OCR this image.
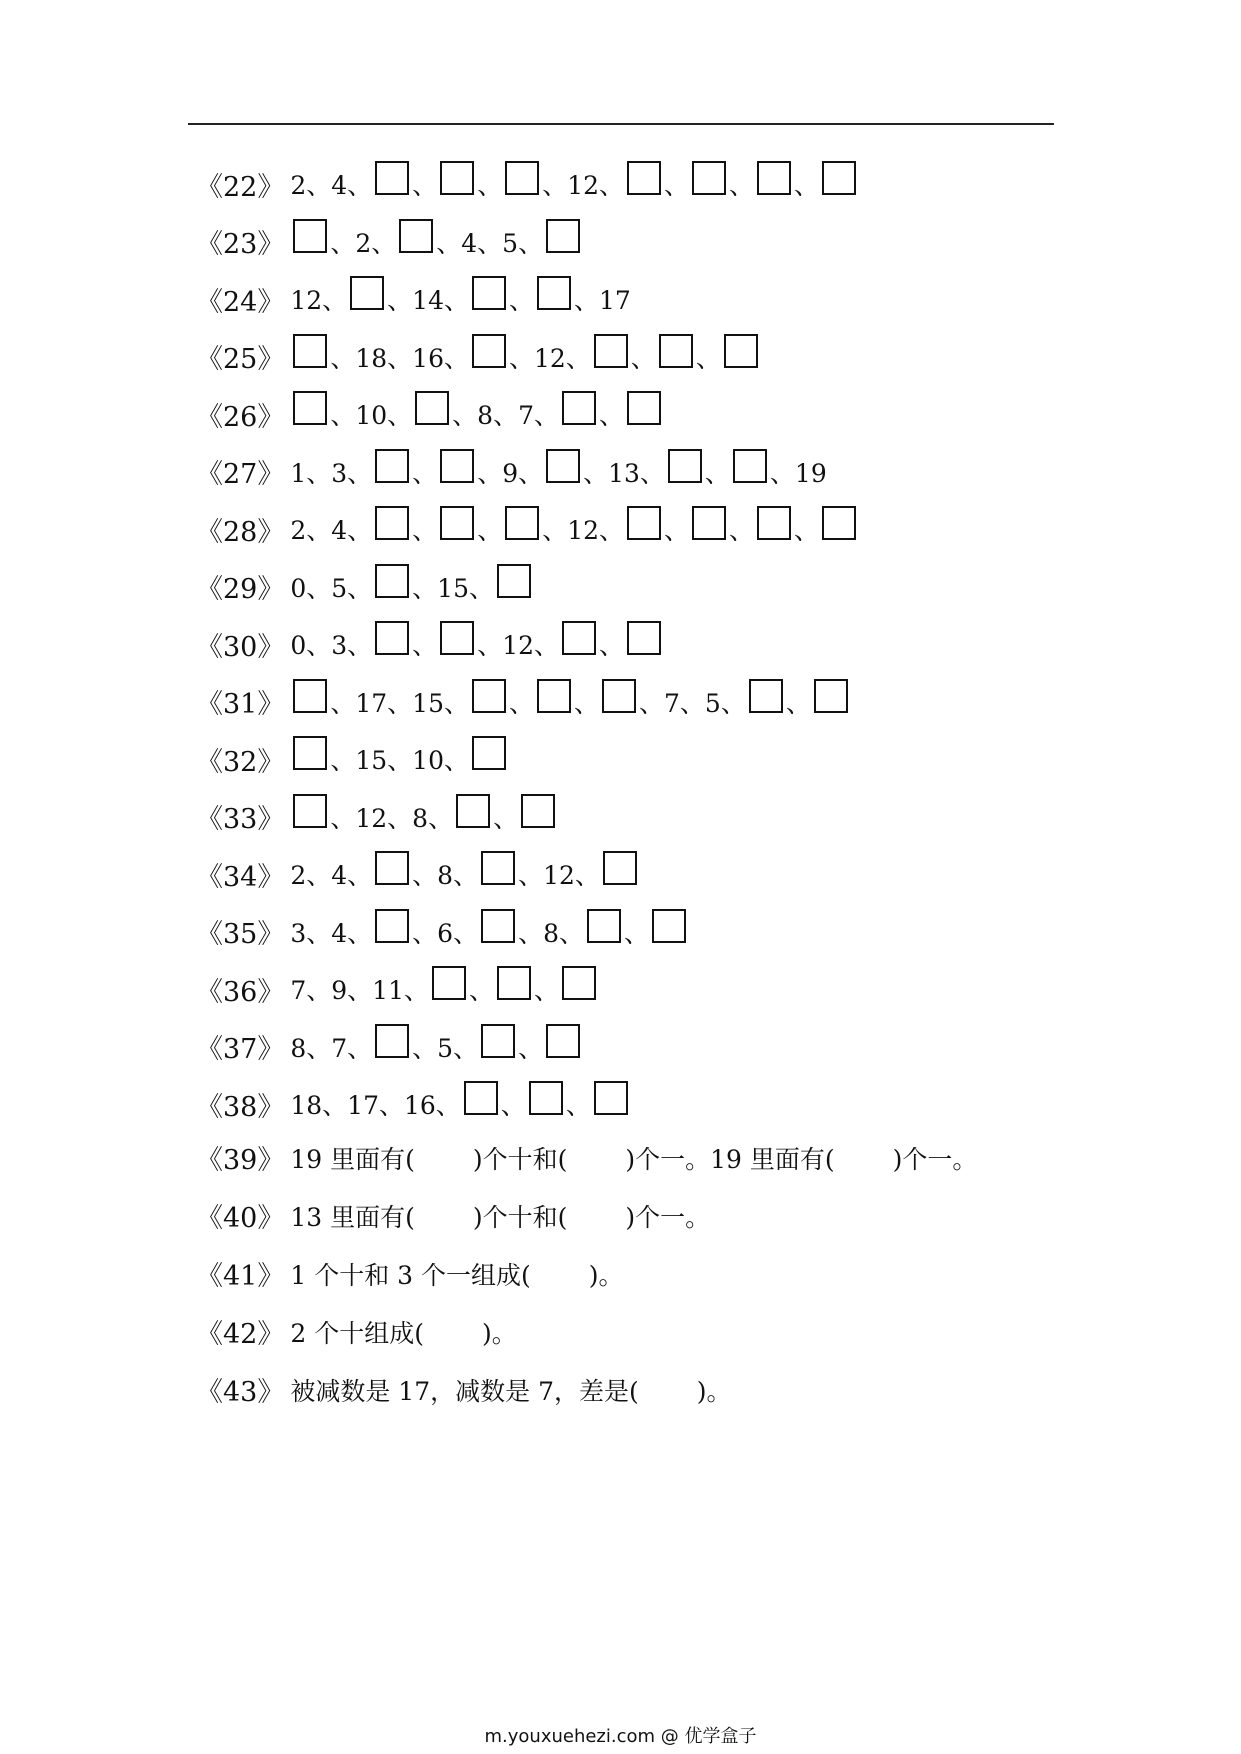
《22》 2、4、 、 、 、12、 、 、 、
《23》 、2、 、4、5、
《24》 12、 、14、 、 、17
《25》 、18、16、 、12、 、 、
《26》 、10、 、8、7、 、
《27》 1、3、 、 、9、 、13、 、 、19
《28》 2、4、 、 、 、12、 、 、 、
《29》 0、5、 、15、
《30》 0、3、 、 、12、 、
《31》 、17、15、 、 、 、7、5、 、
《32》 、15、10、
《33》 、12、8、 、
《34》 2、4、 、8、 、12、
《35》 3、4、 、6、 、8、 、
《36》 7、9、11、 、 、
《37》 8、7、 、5、 、
《38》 18、17、16、 、 、
《39》 19 里面有( )个十和( )个一。19 里面有( )个一。
《40》 13 里面有( )个十和( )个一。
《41》 1 个十和 3 个一组成( )。
《42》 2 个十组成( )。
《43》 被减数是 17，减数是 7，差是( )。
m.youxuehezi.com @ 优学盒子
